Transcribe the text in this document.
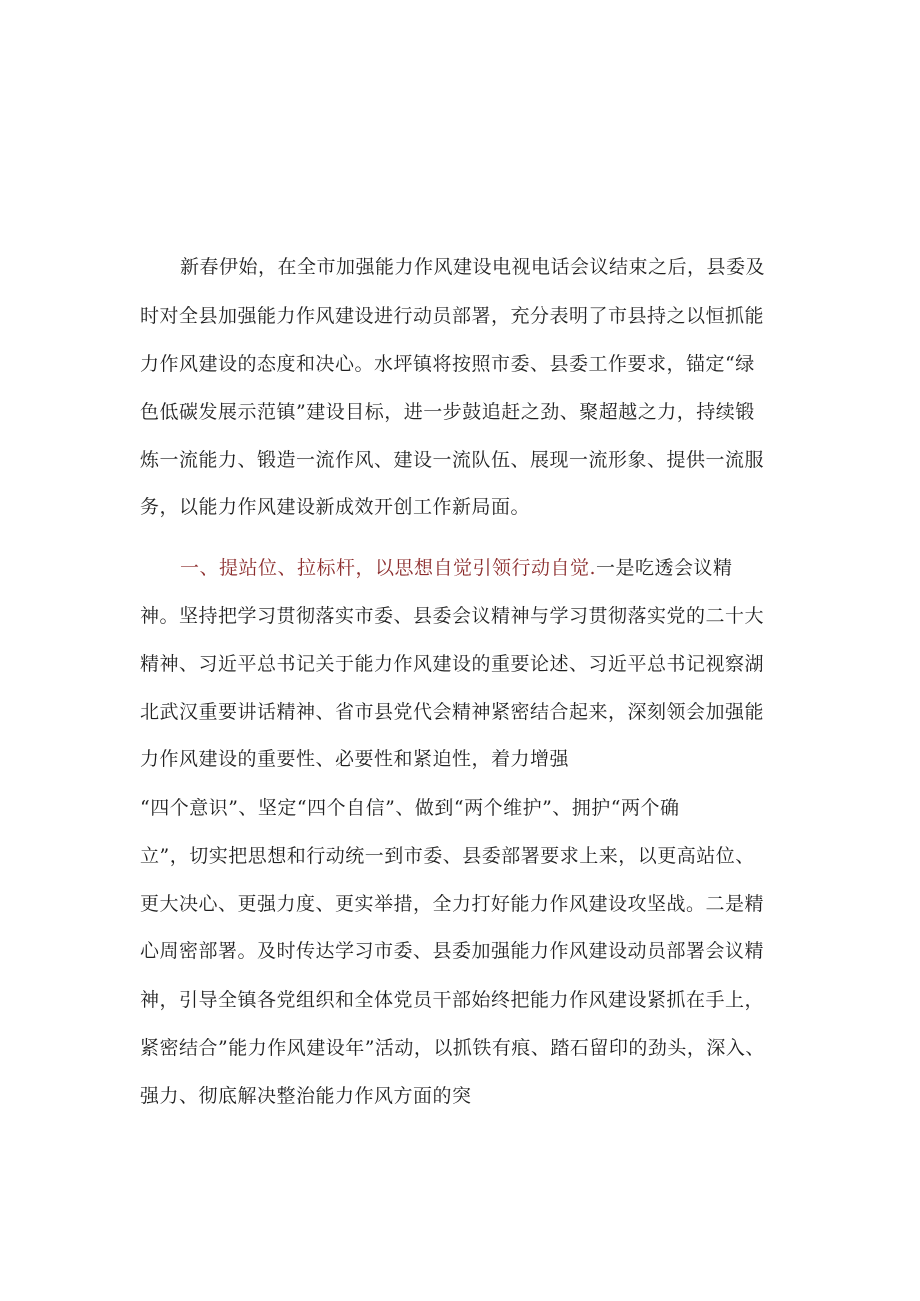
新春伊始，在全市加强能力作风建设电视电话会议结束之后，县委及
时对全县加强能力作风建设进行动员部署，充分表明了市县持之以恒抓能
力作风建设的态度和决心。水坪镇将按照市委、县委工作要求，锚定“绿
色低碳发展示范镇”建设目标，进一步鼓追赶之劲、聚超越之力，持续锻
炼一流能力、锻造一流作风、建设一流队伍、展现一流形象、提供一流服
务，以能力作风建设新成效开创工作新局面。
一、提站位、拉标杆，以思想自觉引领行动自觉.一是吃透会议精
神。坚持把学习贯彻落实市委、县委会议精神与学习贯彻落实党的二十大
精神、习近平总书记关于能力作风建设的重要论述、习近平总书记视察湖
北武汉重要讲话精神、省市县党代会精神紧密结合起来，深刻领会加强能
力作风建设的重要性、必要性和紧迫性，着力增强
“四个意识”、坚定“四个自信”、做到“两个维护”、拥护“两个确
立”，切实把思想和行动统一到市委、县委部署要求上来，以更高站位、
更大决心、更强力度、更实举措，全力打好能力作风建设攻坚战。二是精
心周密部署。及时传达学习市委、县委加强能力作风建设动员部署会议精
神，引导全镇各党组织和全体党员干部始终把能力作风建设紧抓在手上，
紧密结合”能力作风建设年”活动，以抓铁有痕、踏石留印的劲头，深入、
强力、彻底解决整治能力作风方面的突
